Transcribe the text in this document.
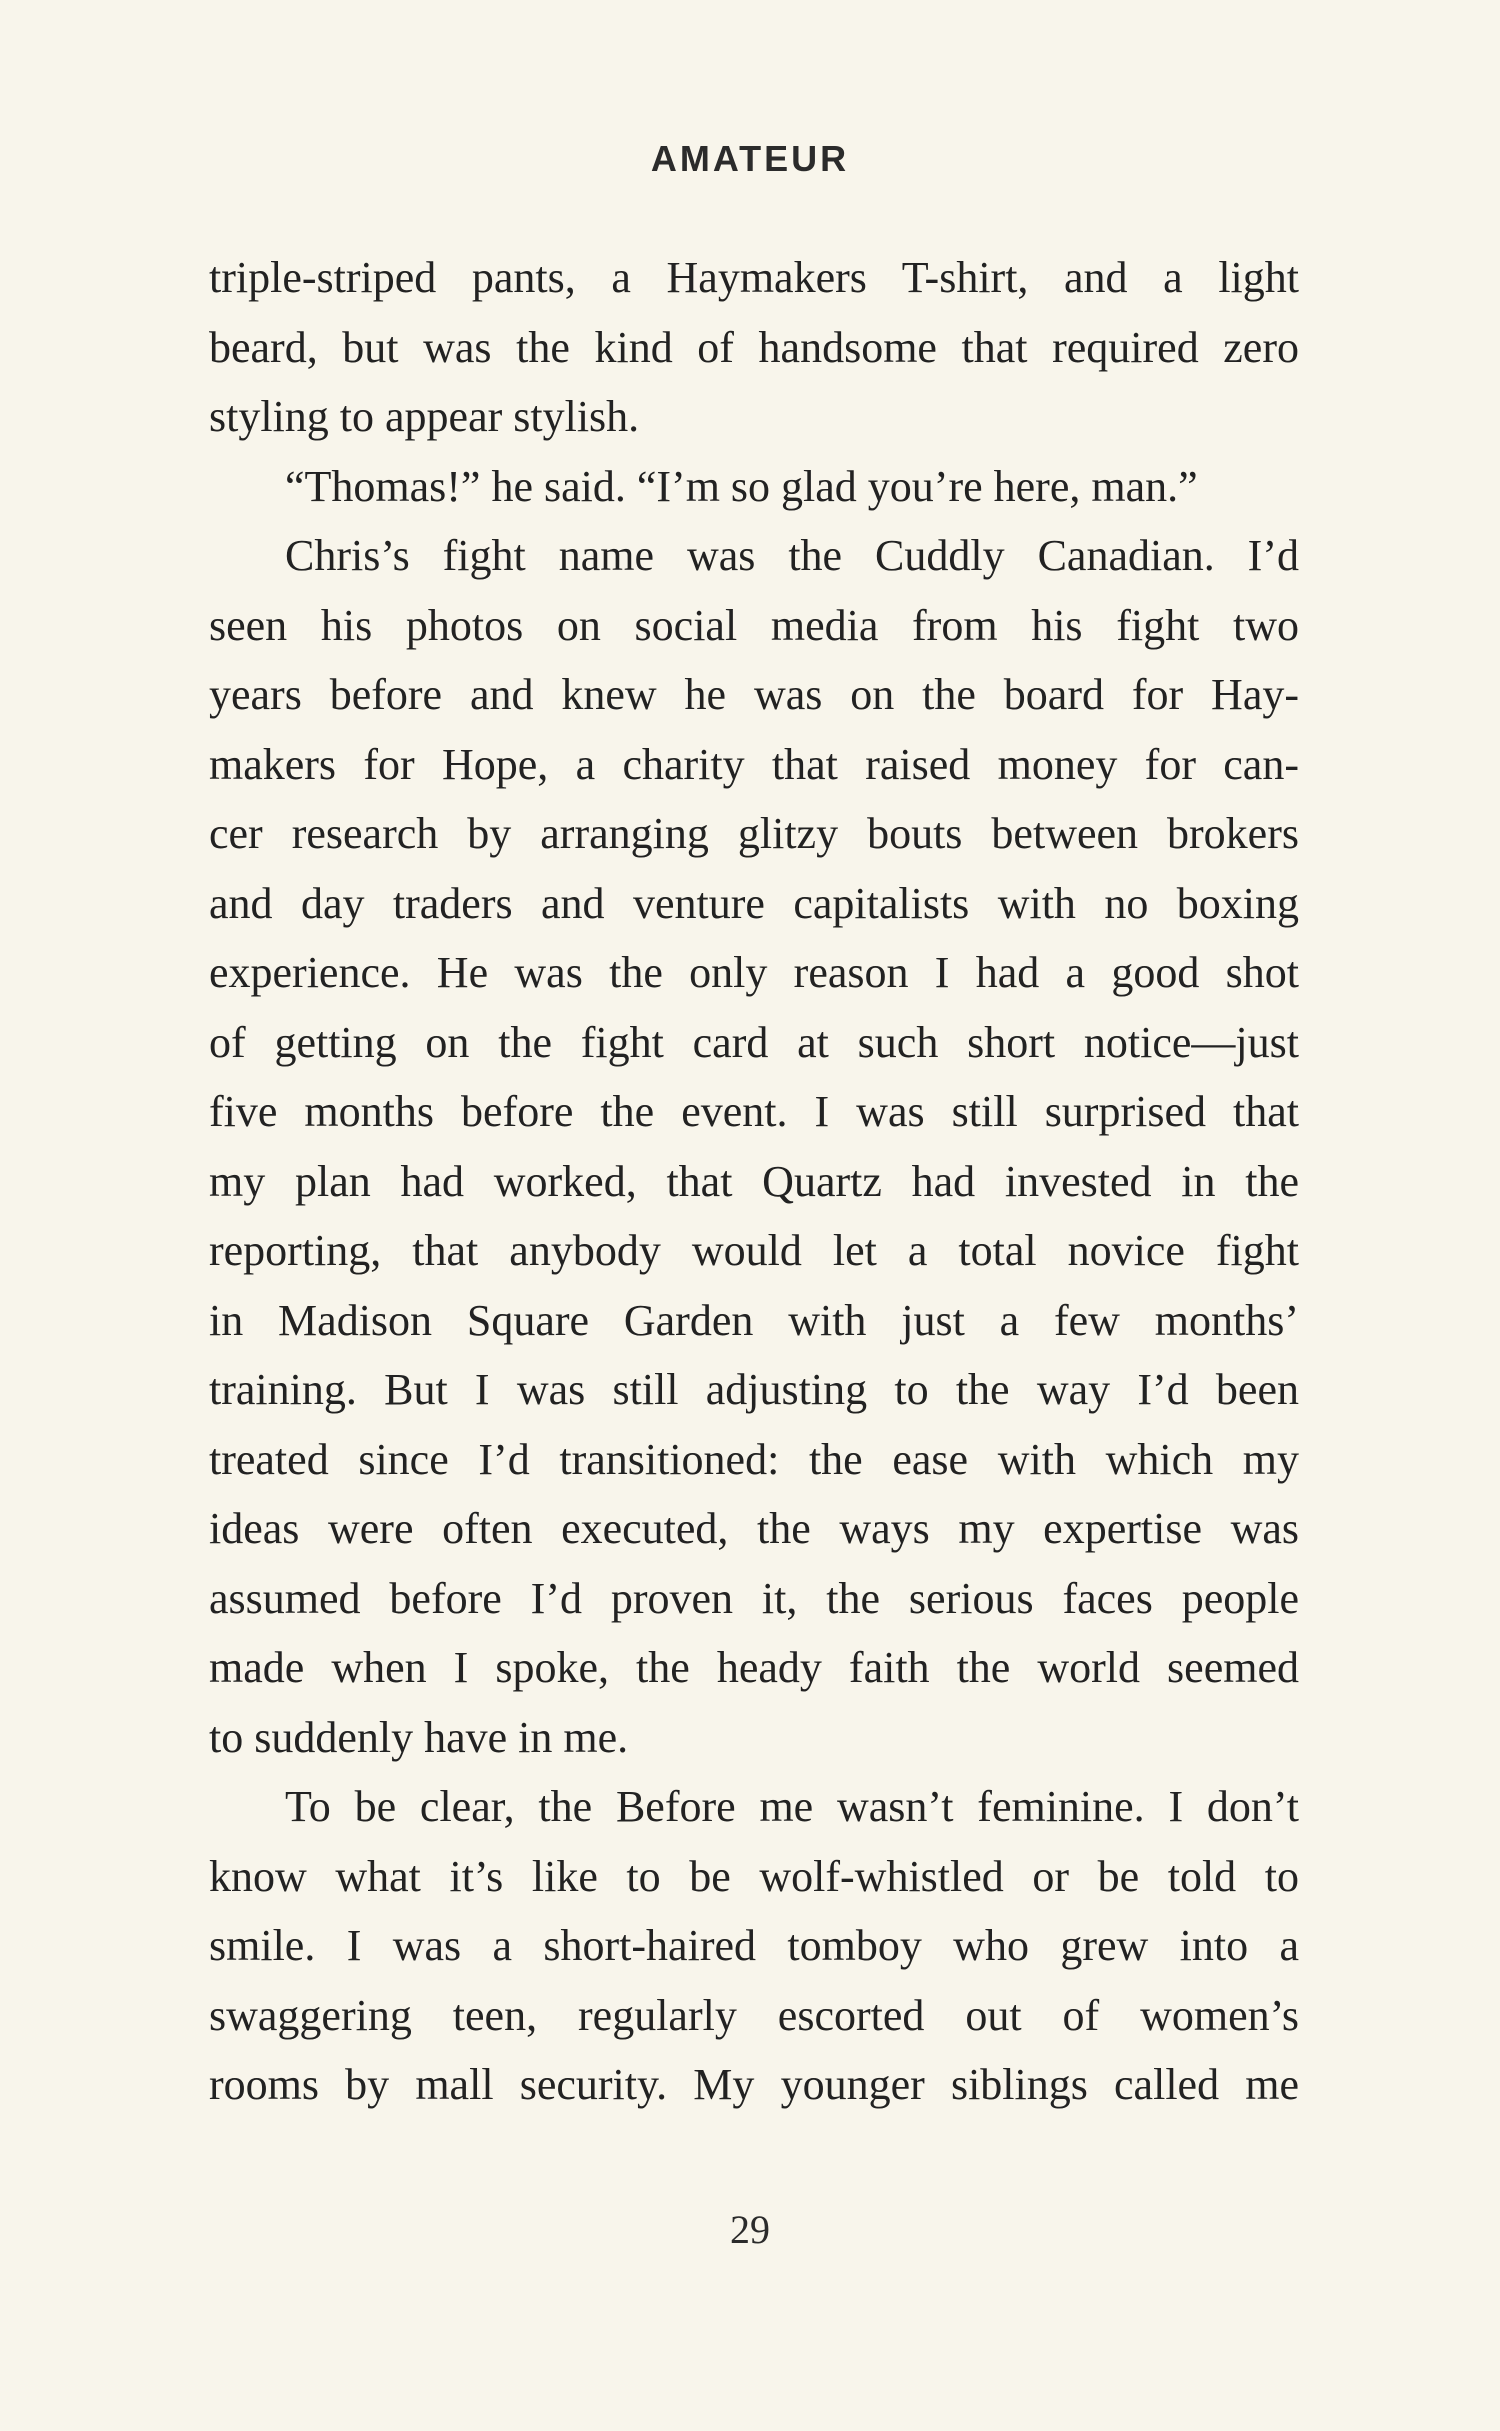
AMATEUR
triple-striped pants, a Haymakers T-shirt, and a light
beard, but was the kind of handsome that required zero
styling to appear stylish.
“Thomas!” he said. “I’m so glad you’re here, man.”
Chris’s fight name was the Cuddly Canadian. I’d
seen his photos on social media from his fight two
years before and knew he was on the board for Hay-
makers for Hope, a charity that raised money for can-
cer research by arranging glitzy bouts between brokers
and day traders and venture capitalists with no boxing
experience. He was the only reason I had a good shot
of getting on the fight card at such short notice—just
five months before the event. I was still surprised that
my plan had worked, that Quartz had invested in the
reporting, that anybody would let a total novice fight
in Madison Square Garden with just a few months’
training. But I was still adjusting to the way I’d been
treated since I’d transitioned: the ease with which my
ideas were often executed, the ways my expertise was
assumed before I’d proven it, the serious faces people
made when I spoke, the heady faith the world seemed
to suddenly have in me.
To be clear, the Before me wasn’t feminine. I don’t
know what it’s like to be wolf-whistled or be told to
smile. I was a short-haired tomboy who grew into a
swaggering teen, regularly escorted out of women’s
rooms by mall security. My younger siblings called me
29
